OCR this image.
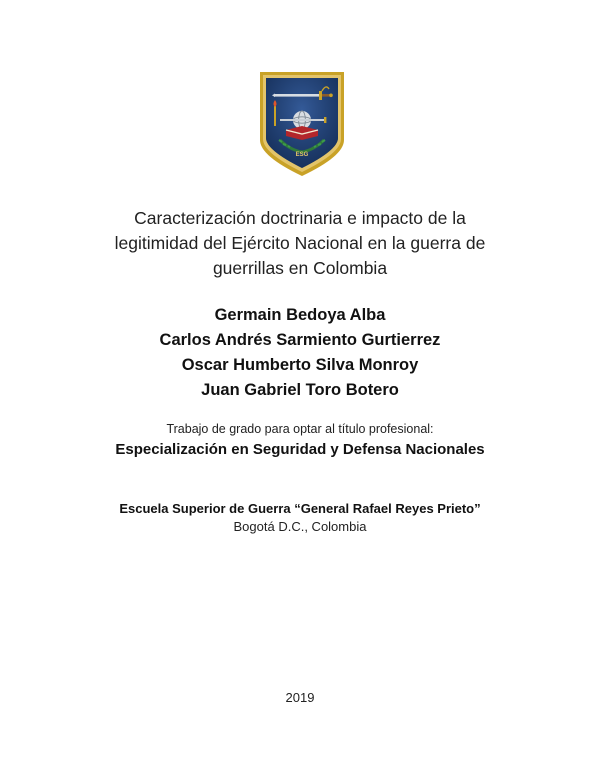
ESG
Caracterización doctrinaria e impacto de la
legitimidad del Ejército Nacional en la guerra de
guerrillas en Colombia
Germain Bedoya Alba
Carlos Andrés Sarmiento Gurtierrez
Oscar Humberto Silva Monroy
Juan Gabriel Toro Botero
Trabajo de grado para optar al título profesional:
Especialización en Seguridad y Defensa Nacionales
Escuela Superior de Guerra “General Rafael Reyes Prieto”
Bogotá D.C., Colombia
2019
